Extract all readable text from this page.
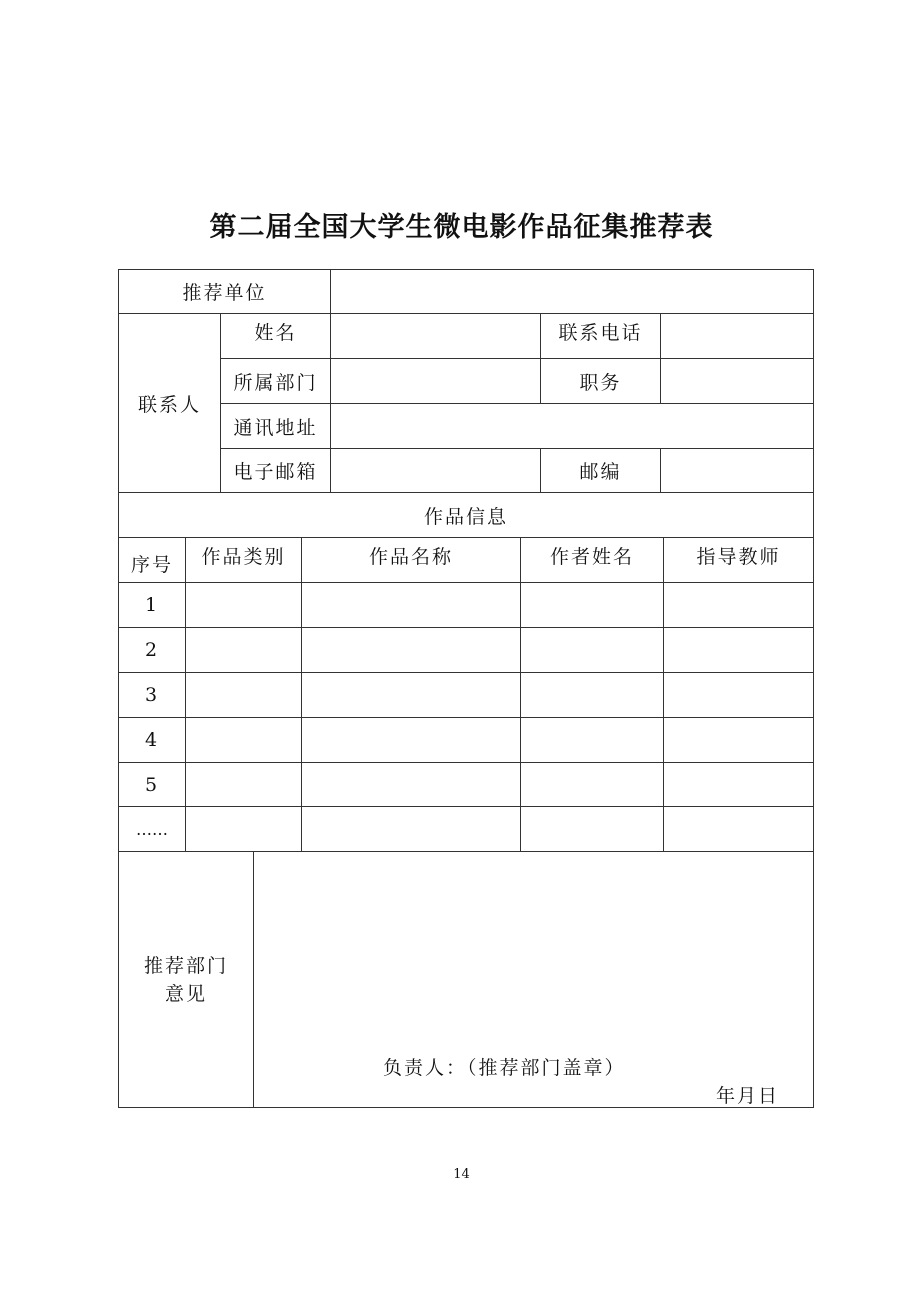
第二届全国大学生微电影作品征集推荐表
推荐单位
联系人
姓名	联系电话
所属部门	职务
通讯地址
电子邮箱	邮编
作品信息
序号	作品类别	作品名称	作者姓名	指导教师
1
2
3
4
5
……
推荐部门
意见
负责人：（推荐部门盖章）
年月日
14
